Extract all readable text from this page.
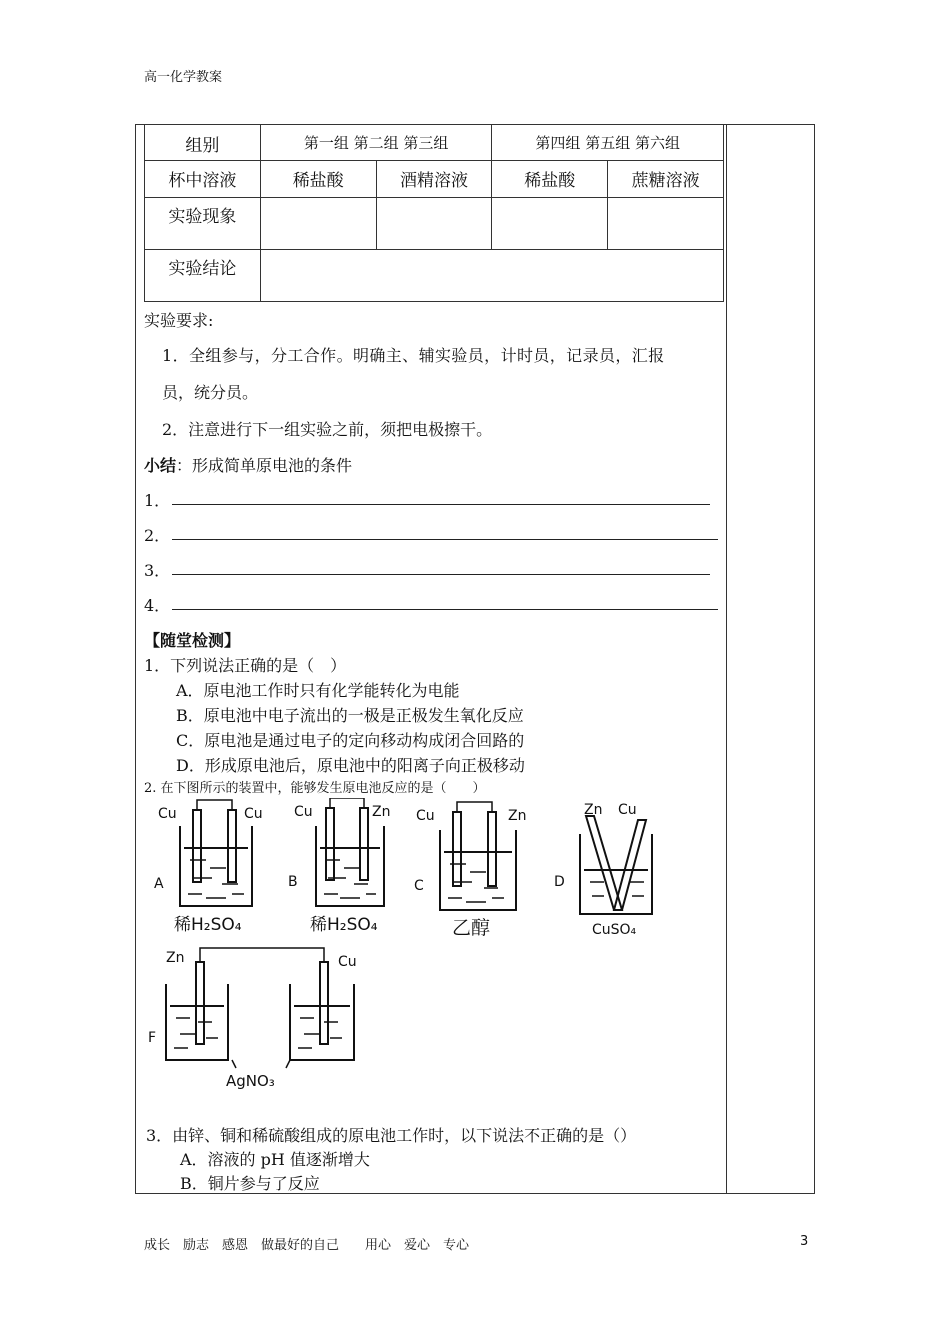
高一化学教案
组别	第一组 第二组 第三组		第四组 第五组 第六组	
杯中溶液	稀盐酸	酒精溶液	稀盐酸	蔗糖溶液
实验现象				
实验结论				
实验要求:
1．全组参与，分工合作。明确主、辅实验员，计时员，记录员，汇报
员，统分员。
2．注意进行下一组实验之前，须把电极擦干。
小结：形成简单原电池的条件
1．
2．
3．
4．
【随堂检测】
1．下列说法正确的是（　）
A．原电池工作时只有化学能转化为电能
B．原电池中电子流出的一极是正极发生氧化反应
C．原电池是通过电子的定向移动构成闭合回路的
D．形成原电池后，原电池中的阳离子向正极移动
2. 在下图所示的装置中，能够发生原电池反应的是（　　）
Cu	Cu
A
稀H₂SO₄
Cu	Zn
B
稀H₂SO₄
Cu	Zn
C
乙醇
Zn Cu
D
CuSO₄
Zn	Cu
F
AgNO₃
3．由锌、铜和稀硫酸组成的原电池工作时，以下说法不正确的是（）
A．溶液的 pH 值逐渐增大
B．铜片参与了反应
成长　励志　感恩　做最好的自己　　用心　爱心　专心	3
